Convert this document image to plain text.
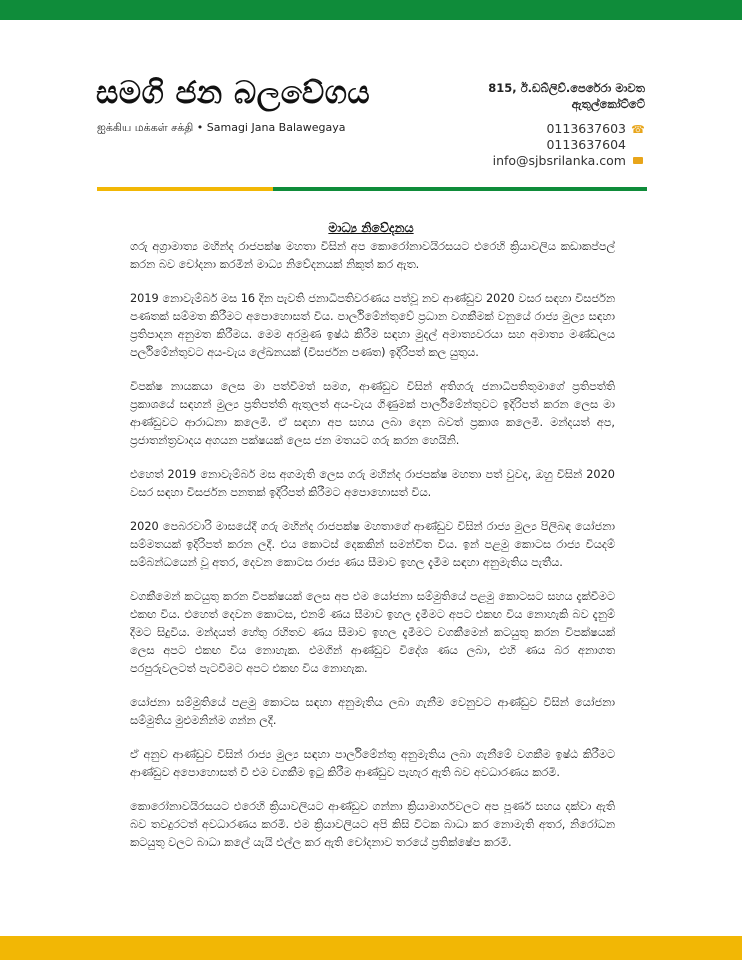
සමගි ජන බලවේගය
ஐக்கிய மக்கள் சக்தி • Samagi Jana Balawegaya
815, ඊ.ඩබ්ලිව්.පෙරේරා මාවත
ඇතුල්කෝට්ටේ
0113637603 ☎
0113637604
info@sjbsrilanka.com
මාධ්‍ය නිවේදනය

ගරු අග්‍රාමාත්‍ය මහින්ද රාජපක්ෂ මහතා විසින් අප කොරෝනාවයිරසයට එරෙහි ක්‍රියාවලිය කඩාකප්පල් කරන බව චෝදනා කරමින් මාධ්‍ය නිවේදනයක් නිකුත් කර ඇත.

2019 නොවැම්බර් මස 16 දින පැවති ජනාධිපතිවරණය පත්වූ නව ආණ්ඩුව 2020 වසර සඳහා විසර්ජන පණතක් සම්මත කිරීමට අපොහොසත් විය. පාර්ලිමේන්තුවේ ප්‍රධාන වගකීමක් වනුයේ රාජ්‍ය මුල්‍ය සඳහා ප්‍රතිපාදන අනුමත කිරීමය. මෙම අරමුණ ඉෂ්ඨ කිරීම සඳහා මුදල් අමාත්‍යවරයා සහ අමාත්‍ය මණ්ඩලය පර්ලිමේන්තුවට අය-වැය ලේඛනයක් (විසර්ජන පණත) ඉදිරිපත් කල යුතුය.

විපක්ෂ නායකයා ලෙස මා පත්වීමත් සමග, ආණ්ඩුව විසින් අතිගරු ජනාධිපතිතුමාගේ ප්‍රතිපත්ති ප්‍රකාශයේ සඳහන් මුල්‍ය ප්‍රතිපත්ති ඇතුලත් අය-වැය ගිණුමක් පාර්ලිමේන්තුවට ඉදිරිපත් කරන ලෙස මා ආණ්ඩුවට ආරාධනා කලෙමි. ඒ සඳහා අප සහය ලබා දෙන බවත් ප්‍රකාශ කලෙමි. මන්දයත් අප, ප්‍රජාතන්ත්‍රවාදය අගයන පක්ෂයක් ලෙස ජන මතයට ගරු කරන හෙයිනි.

එහෙත් 2019 නොවැම්බර් මස අගමැති ලෙස ගරු මහින්ද රාජපක්ෂ මහතා පත් වුවද, ඔහු විසින් 2020 වසර සඳහා විසර්ජන පනතක් ඉදිරිපත් කිරීමට අපොහොසත් විය.

2020 පෙබරවාරි මාසයේදී ගරු මහින්ද රාජපක්ෂ මහතාගේ ආණ්ඩුව විසින් රාජ්‍ය මුල්‍ය පිලිබඳ යෝජනා සම්මතයක් ඉදිරිපත් කරන ලදී. එය කොටස් දෙකකින් සමන්විත විය. ඉන් පළමු කොටස රාජ්‍ය වියදම් සම්බන්ධයෙන් වූ අතර, දෙවන කොටස රාජ්‍ය ණය සීමාව ඉහල දැමීම සඳහා අනුමැතිය පැතීය.

වගකීමෙන් කටයුතු කරන විපක්ෂයක් ලෙස අප එම යෝජනා සම්මුතියේ පළමු කොටසට සහය දැක්වීමට එකඟ විය. එහෙත් දෙවන කොටස, එනම් ණය සීමාව ඉහල දැමීමට අපට එකඟ විය නොහැකි බව දැනුම් දීමට සිදුවිය. මන්දයත් හේතු රහිතව ණය සීමාව ඉහල දැමීමට වගකීමෙන් කටයුතු කරන විපක්ෂයක් ලෙස අපට එකඟ විය නොහැක. එමගින් ආණ්ඩුව විදේශ ණය ලබා, එහි ණය බර අනාගත පරපුරුවලටත් පැටවීමට අපට එකඟ විය නොහැක.

යෝජනා සම්මුතියේ පළමු කොටස සඳහා අනුමැතිය ලබා ගැනීම වෙනුවට ආණ්ඩුව විසින් යෝජනා සම්මුතිය මුළුමනින්ම ගන්න ලදී.

ඒ අනුව ආණ්ඩුව විසින් රාජ්‍ය මුල්‍ය සඳහා පාර්ලිමේන්තු අනුමැතිය ලබා ගැනීමේ වගකීම ඉෂ්ඨ කිරීමට ආණ්ඩුව අපොහොසත් වී එම වගකීම ඉටු කිරීම ආණ්ඩුව පැහැර ඇති බව අවධාරණය කරමි.

කොරෝනාවයිරසයට එරෙහි ක්‍රියාවලියට ආණ්ඩුව ගන්නා ක්‍රියාමාර්ගවලට අප පූර්ණ සහය දක්වා ඇති බව තවදුරටත් අවධාරණය කරමි. එම ක්‍රියාවලියට අපි කිසි විටක බාධා කර නොමැති අතර, නිරෝධන කටයුතු වලට බාධා කලේ යැයි එල්ල කර ඇති චෝදනාව තරයේ ප්‍රතික්ෂේප කරමි.
